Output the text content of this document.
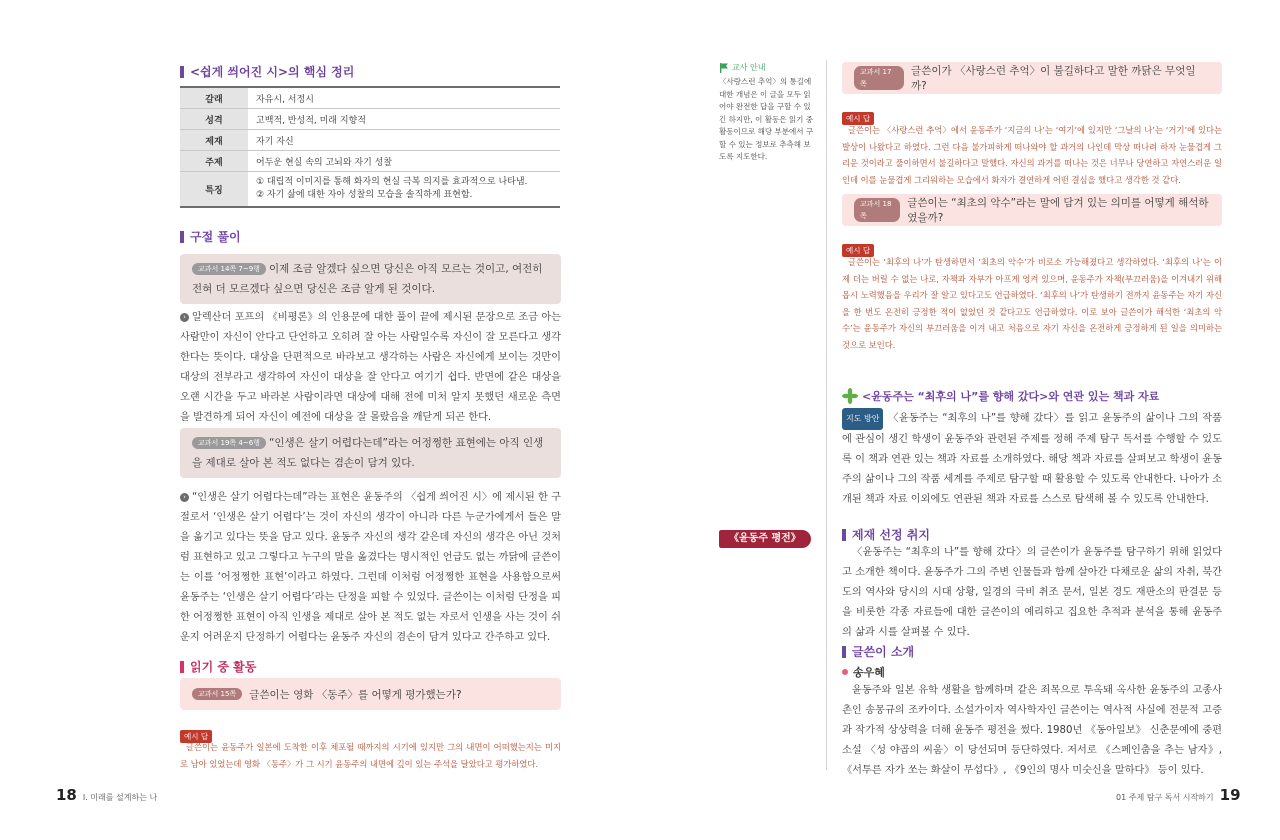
<쉽게 씌어진 시>의 핵심 정리
갈래	자유시, 서정시
성격	고백적, 반성적, 미래 지향적
제재	자기 자신
주제	어두운 현실 속의 고뇌와 자기 성찰
특징	① 대립적 이미지를 통해 화자의 현실 극복 의지를 효과적으로 나타냄.
② 자기 삶에 대한 자아 성찰의 모습을 솔직하게 표현함.
구절 풀이
교과서 14쪽 7~9행 이제 조금 알겠다 싶으면 당신은 아직 모르는 것이고, 여전히 전혀 더 모르겠다 싶으면 당신은 조금 알게 된 것이다.
› 알렉산더 포프의 《비평론》의 인용문에 대한 풀이 끝에 제시된 문장으로 조금 아는 사람만이 자신이 안다고 단언하고 오히려 잘 아는 사람일수록 자신이 잘 모른다고 생각한다는 뜻이다. 대상을 단편적으로 바라보고 생각하는 사람은 자신에게 보이는 것만이 대상의 전부라고 생각하여 자신이 대상을 잘 안다고 여기기 쉽다. 반면에 같은 대상을 오랜 시간을 두고 바라본 사람이라면 대상에 대해 전에 미처 알지 못했던 새로운 측면을 발견하게 되어 자신이 예전에 대상을 잘 몰랐음을 깨닫게 되곤 한다.
교과서 19쪽 4~6행 “인생은 살기 어렵다는데”라는 어정쩡한 표현에는 아직 인생을 제대로 살아 본 적도 없다는 겸손이 담겨 있다.
› “인생은 살기 어렵다는데”라는 표현은 윤동주의 〈쉽게 씌어진 시〉에 제시된 한 구절로서 ‘인생은 살기 어렵다’는 것이 자신의 생각이 아니라 다른 누군가에게서 들은 말을 옮기고 있다는 뜻을 담고 있다. 윤동주 자신의 생각 같은데 자신의 생각은 아닌 것처럼 표현하고 있고 그렇다고 누구의 말을 옮겼다는 명시적인 언급도 없는 까닭에 글쓴이는 이를 ‘어정쩡한 표현’이라고 하였다. 그런데 이처럼 어정쩡한 표현을 사용함으로써 윤동주는 ‘인생은 살기 어렵다’라는 단정을 피할 수 있었다. 글쓴이는 이처럼 단정을 피한 어정쩡한 표현이 아직 인생을 제대로 살아 본 적도 없는 자로서 인생을 사는 것이 쉬운지 어려운지 단정하기 어렵다는 윤동주 자신의 겸손이 담겨 있다고 간주하고 있다.
읽기 중 활동
교과서 15쪽	글쓴이는 영화 〈동주〉를 어떻게 평가했는가?
예시 답
글쓴이는 윤동주가 일본에 도착한 이후 체포될 때까지의 시기에 있지만 그의 내면이 어떠했는지는 미지로 남아 있었는데 영화 〈동주〉가 그 시기 윤동주의 내면에 깊이 있는 주석을 달았다고 평가하였다.
18 I. 미래를 설계하는 나
교사 안내
〈사랑스런 추억〉의 통길에 대한 개념은 이 글을 모두 읽어야 완전한 답을 구할 수 있긴 하지만, 이 활동은 읽기 중 활동이므로 해당 부분에서 구할 수 있는 정보로 추측해 보도록 지도한다.
교과서 17쪽
글쓴이가 〈사랑스런 추억〉이 불길하다고 말한 까닭은 무엇일까?
예시 답
글쓴이는 〈사랑스런 추억〉에서 윤동주가 ‘지금의 나’는 ‘여기’에 있지만 ‘그날의 나’는 ‘거기’에 있다는 발상이 나왔다고 하였다. 그런 다음 불가피하게 떠나와야 할 과거의 나인데 막상 떠나려 하자 눈물겹게 그리운 것이라고 풀이하면서 불길하다고 말했다. 자신의 과거를 떠나는 것은 너무나 당연하고 자연스러운 일인데 이를 눈물겹게 그리워하는 모습에서 화자가 결연하게 어떤 결심을 했다고 생각한 것 같다.
교과서 18쪽
글쓴이는 “최초의 악수”라는 말에 담겨 있는 의미를 어떻게 해석하였을까?
예시 답
글쓴이는 ‘최후의 나’가 탄생하면서 ‘최초의 악수’가 비로소 가능해졌다고 생각하였다. ‘최후의 나’는 이제 더는 버릴 수 없는 나로, 자책과 자부가 아프게 엉켜 있으며, 윤동주가 자책(부끄러움)을 이겨내기 위해 몹시 노력했음을 우리가 잘 알고 있다고도 언급하였다. ‘최후의 나’가 탄생하기 전까지 윤동주는 자기 자신을 한 번도 온전히 긍정한 적이 없었던 것 같다고도 언급하였다. 이로 보아 글쓴이가 해석한 ‘최초의 악수’는 윤동주가 자신의 부끄러움을 이겨 내고 처음으로 자기 자신을 온전하게 긍정하게 된 일을 의미하는 것으로 보인다.
<윤동주는 “최후의 나”를 향해 갔다>와 연관 있는 책과 자료
지도 방안 〈윤동주는 “최후의 나”를 향해 갔다〉를 읽고 윤동주의 삶이나 그의 작품에 관심이 생긴 학생이 윤동주와 관련된 주제를 정해 주제 탐구 독서를 수행할 수 있도록 이 책과 연관 있는 책과 자료를 소개하였다. 해당 책과 자료를 살펴보고 학생이 윤동주의 삶이나 그의 작품 세계를 주제로 탐구할 때 활용할 수 있도록 안내한다. 나아가 소개된 책과 자료 이외에도 연관된 책과 자료를 스스로 탐색해 볼 수 있도록 안내한다.
《윤동주 평전》	제재 선정 취지
〈윤동주는 “최후의 나”를 향해 갔다〉의 글쓴이가 윤동주를 탐구하기 위해 읽었다고 소개한 책이다. 윤동주가 그의 주변 인물들과 함께 살아간 다채로운 삶의 자취, 북간도의 역사와 당시의 시대 상황, 일경의 극비 취조 문서, 일본 경도 재판소의 판결문 등을 비롯한 각종 자료들에 대한 글쓴이의 예리하고 집요한 추적과 분석을 통해 윤동주의 삶과 시를 살펴볼 수 있다.
글쓴이 소개
송우혜
윤동주와 일본 유학 생활을 함께하며 같은 죄목으로 투옥돼 옥사한 윤동주의 고종사촌인 송몽규의 조카이다. 소설가이자 역사학자인 글쓴이는 역사적 사실에 전문적 고증과 작가적 상상력을 더해 윤동주 평전을 썼다. 1980년 《동아일보》 신춘문예에 중편 소설 〈성 야곱의 씨움〉이 당선되며 등단하였다. 저서로 《스페인춤을 추는 남자》, 《서투른 자가 쏘는 화살이 무섭다》, 《9인의 명사 미숫신을 말하다》 등이 있다.
01 주제 탐구 독서 시작하기 19
